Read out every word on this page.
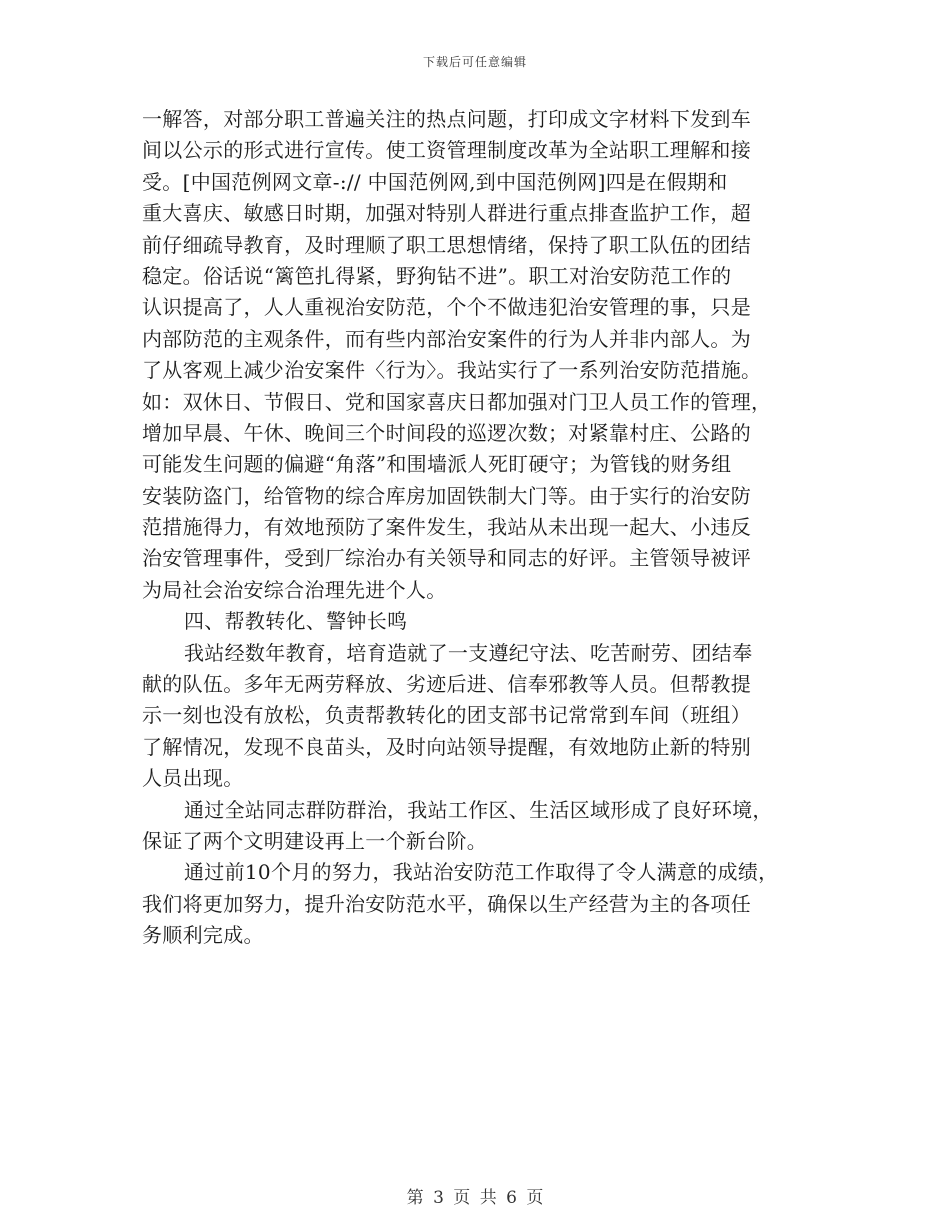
下载后可任意编辑
一解答，对部分职工普遍关注的热点问题，打印成文字材料下发到车
间以公示的形式进行宣传。使工资管理制度改革为全站职工理解和接
受。[中国范例网文章-:// 中国范例网,到中国范例网]四是在假期和
重大喜庆、敏感日时期，加强对特别人群进行重点排查监护工作，超
前仔细疏导教育，及时理顺了职工思想情绪，保持了职工队伍的团结
稳定。俗话说“篱笆扎得紧，野狗钻不进”。职工对治安防范工作的
认识提高了，人人重视治安防范，个个不做违犯治安管理的事，只是
内部防范的主观条件，而有些内部治安案件的行为人并非内部人。为
了从客观上减少治安案件〈行为〉。我站实行了一系列治安防范措施。
如：双休日、节假日、党和国家喜庆日都加强对门卫人员工作的管理，
增加早晨、午休、晚间三个时间段的巡逻次数；对紧靠村庄、公路的
可能发生问题的偏避“角落”和围墙派人死盯硬守；为管钱的财务组
安装防盗门，给管物的综合库房加固铁制大门等。由于实行的治安防
范措施得力，有效地预防了案件发生，我站从未出现一起大、小违反
治安管理事件，受到厂综治办有关领导和同志的好评。主管领导被评
为局社会治安综合治理先进个人。
四、帮教转化、警钟长鸣
我站经数年教育，培育造就了一支遵纪守法、吃苦耐劳、团结奉
献的队伍。多年无两劳释放、劣迹后进、信奉邪教等人员。但帮教提
示一刻也没有放松，负责帮教转化的团支部书记常常到车间（班组）
了解情况，发现不良苗头，及时向站领导提醒，有效地防止新的特别
人员出现。
通过全站同志群防群治，我站工作区、生活区域形成了良好环境，
保证了两个文明建设再上一个新台阶。
通过前10个月的努力，我站治安防范工作取得了令人满意的成绩，
我们将更加努力，提升治安防范水平，确保以生产经营为主的各项任
务顺利完成。
第 3 页 共 6 页
